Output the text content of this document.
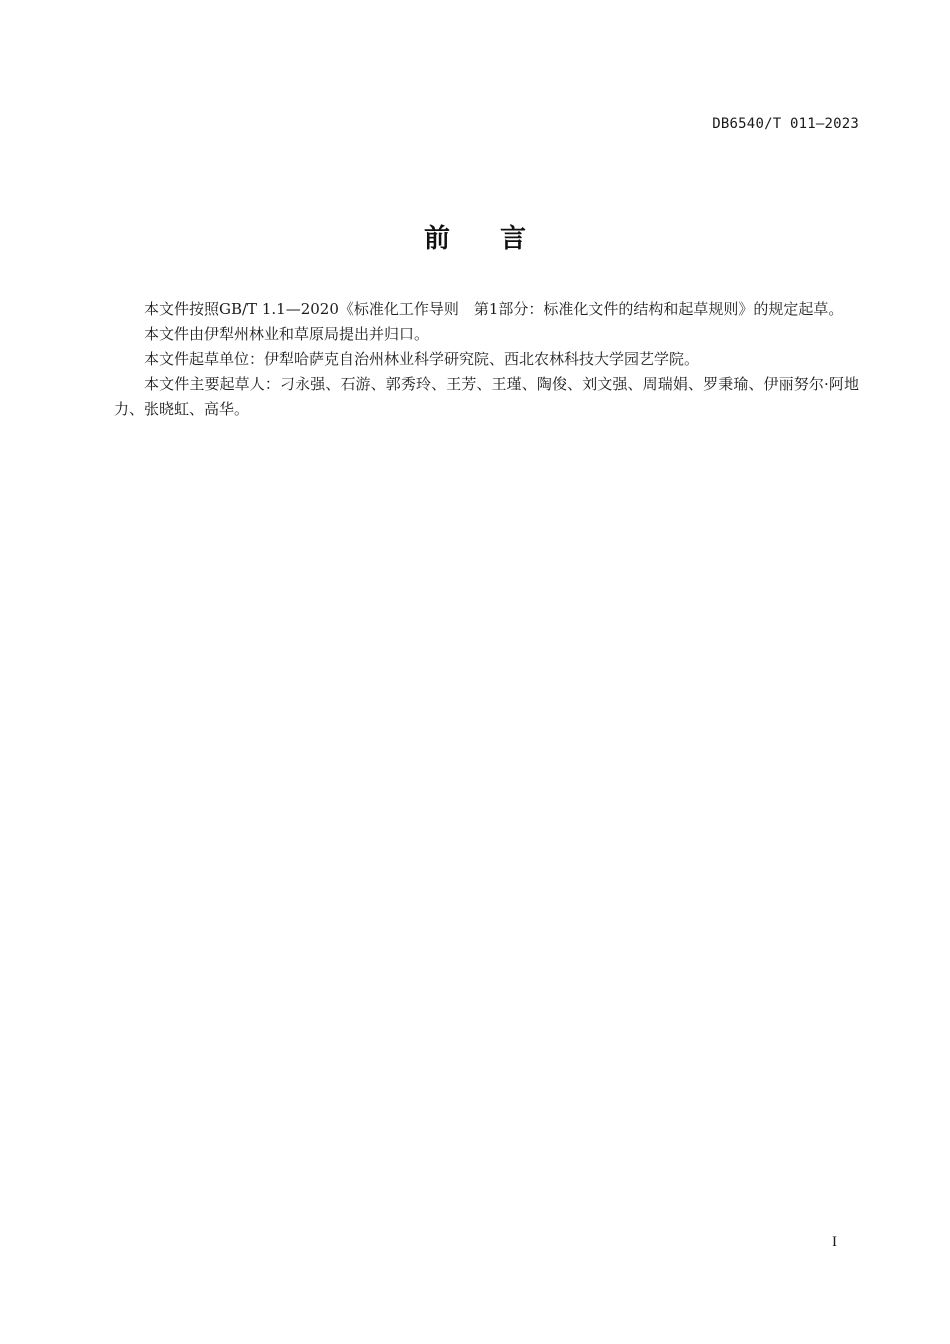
DB6540/T 011—2023
前 言

本文件按照GB/T 1.1—2020《标准化工作导则　第1部分：标准化文件的结构和起草规则》的规定起草。

本文件由伊犁州林业和草原局提出并归口。

本文件起草单位：伊犁哈萨克自治州林业科学研究院、西北农林科技大学园艺学院。

本文件主要起草人：刁永强、石游、郭秀玲、王芳、王瑾、陶俊、刘文强、周瑞娟、罗秉瑜、伊丽努尔·阿地力、张晓虹、高华。

I
